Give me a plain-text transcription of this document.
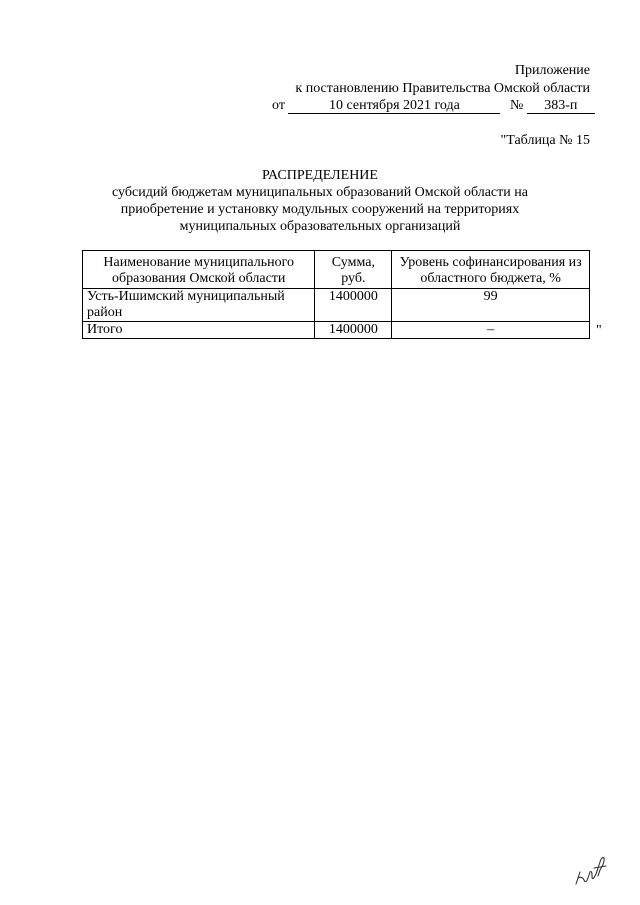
Приложение
к постановлению Правительства Омской области
от	10 сентября 2021 года	№ 383-п
"Таблица № 15
РАСПРЕДЕЛЕНИЕ
субсидий бюджетам муниципальных образований Омской области на
приобретение и установку модульных сооружений на территориях
муниципальных образовательных организаций
Наименование муниципального образования Омской области	Сумма, руб.	Уровень софинансирования из областного бюджета, %
Усть-Ишимский муниципальный район	1400000	99
Итого	1400000	–	"
